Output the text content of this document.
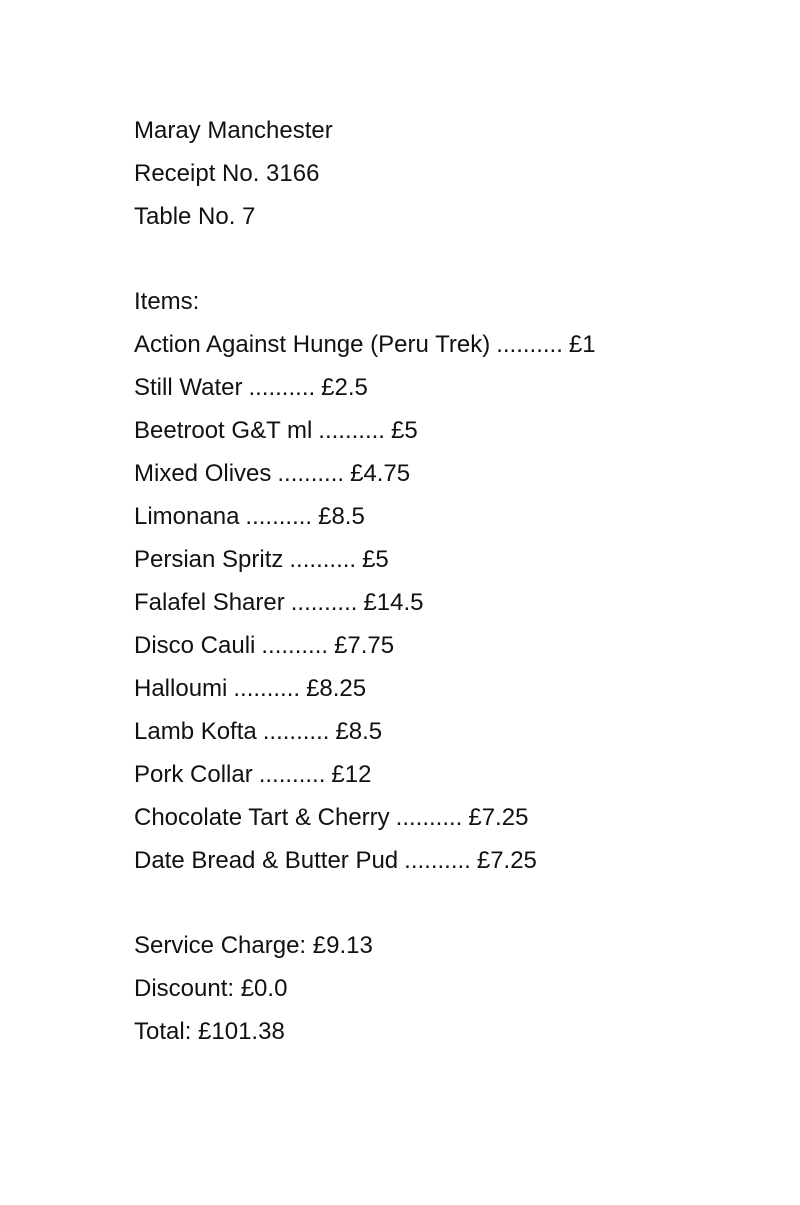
Maray Manchester
Receipt No. 3166
Table No. 7
Items:
Action Against Hunge (Peru Trek) .......... £1
Still Water .......... £2.5
Beetroot G&T ml .......... £5
Mixed Olives .......... £4.75
Limonana .......... £8.5
Persian Spritz .......... £5
Falafel Sharer .......... £14.5
Disco Cauli .......... £7.75
Halloumi .......... £8.25
Lamb Kofta .......... £8.5
Pork Collar .......... £12
Chocolate Tart & Cherry .......... £7.25
Date Bread & Butter Pud .......... £7.25
Service Charge: £9.13
Discount: £0.0
Total: £101.38
